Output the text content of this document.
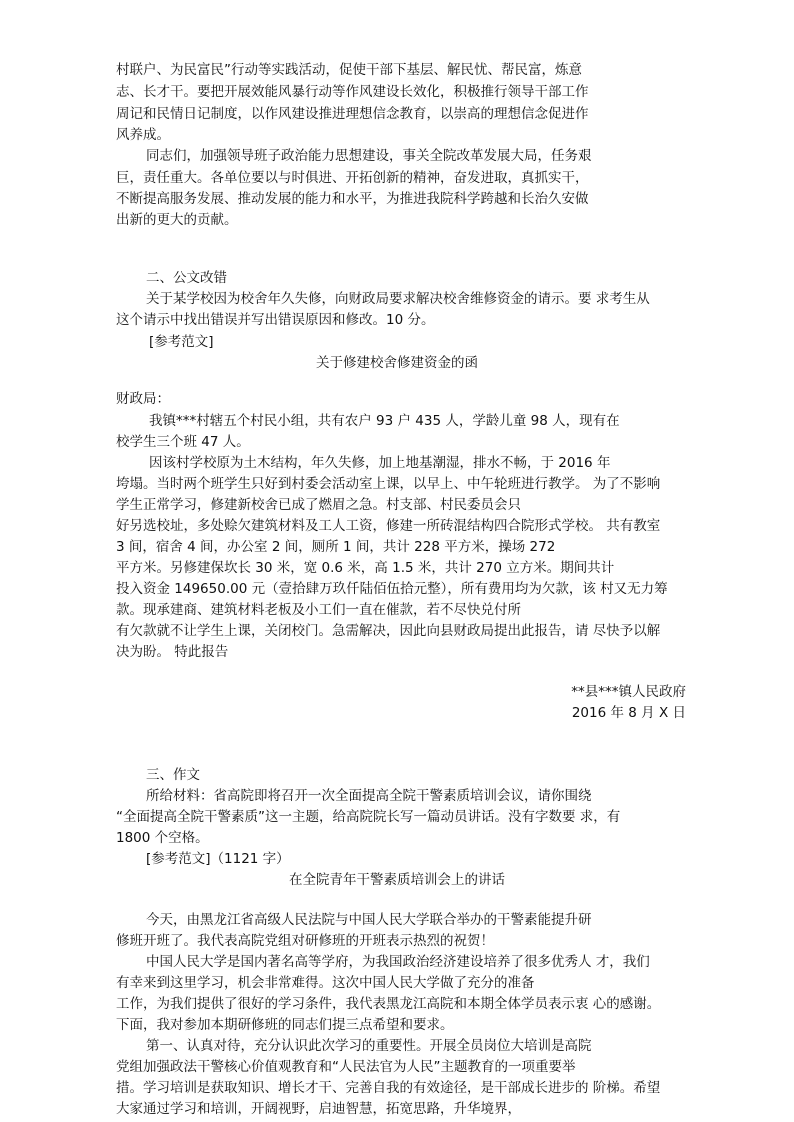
村联户、为民富民”行动等实践活动，促使干部下基层、解民忧、帮民富，炼意
志、长才干。要把开展效能风暴行动等作风建设长效化，积极推行领导干部工作
周记和民情日记制度，以作风建设推进理想信念教育，以崇高的理想信念促进作
风养成。
同志们，加强领导班子政治能力思想建设，事关全院改革发展大局，任务艰
巨，责任重大。各单位要以与时俱进、开拓创新的精神，奋发进取，真抓实干，
不断提高服务发展、推动发展的能力和水平，为推进我院科学跨越和长治久安做
出新的更大的贡献。
二、公文改错
关于某学校因为校舍年久失修，向财政局要求解决校舍维修资金的请示。要 求考生从
这个请示中找出错误并写出错误原因和修改。10 分。
[参考范文]
关于修建校舍修建资金的函
财政局：
我镇***村辖五个村民小组，共有农户 93 户 435 人，学龄儿童 98 人，现有在
校学生三个班 47 人。
因该村学校原为土木结构，年久失修，加上地基潮湿，排水不畅，于 2016 年
垮塌。当时两个班学生只好到村委会活动室上课，以早上、中午轮班进行教学。 为了不影响
学生正常学习，修建新校舍已成了燃眉之急。村支部、村民委员会只
好另选校址，多处赊欠建筑材料及工人工资，修建一所砖混结构四合院形式学校。 共有教室
3 间，宿舍 4 间，办公室 2 间，厕所 1 间，共计 228 平方米，操场 272
平方米。另修建保坎长 30 米，宽 0.6 米，高 1.5 米，共计 270 立方米。期间共计
投入资金 149650.00 元（壹拾肆万玖仟陆佰伍拾元整），所有费用均为欠款，该 村又无力筹
款。现承建商、建筑材料老板及小工们一直在催款，若不尽快兑付所
有欠款就不让学生上课，关闭校门。急需解决，因此向县财政局提出此报告，请 尽快予以解
决为盼。 特此报告
**县***镇人民政府
2016 年 8 月 X 日
三、作文
所给材料：省高院即将召开一次全面提高全院干警素质培训会议，请你围绕
“全面提高全院干警素质”这一主题，给高院院长写一篇动员讲话。没有字数要 求，有
1800 个空格。
[参考范文]（1121 字）
在全院青年干警素质培训会上的讲话
今天，由黑龙江省高级人民法院与中国人民大学联合举办的干警素能提升研
修班开班了。我代表高院党组对研修班的开班表示热烈的祝贺！
中国人民大学是国内著名高等学府，为我国政治经济建设培养了很多优秀人 才，我们
有幸来到这里学习，机会非常难得。这次中国人民大学做了充分的准备
工作，为我们提供了很好的学习条件，我代表黑龙江高院和本期全体学员表示衷 心的感谢。
下面，我对参加本期研修班的同志们提三点希望和要求。
第一、认真对待，充分认识此次学习的重要性。开展全员岗位大培训是高院
党组加强政法干警核心价值观教育和“人民法官为人民”主题教育的一项重要举
措。学习培训是获取知识、增长才干、完善自我的有效途径，是干部成长进步的 阶梯。希望
大家通过学习和培训，开阔视野，启迪智慧，拓宽思路，升华境界，
